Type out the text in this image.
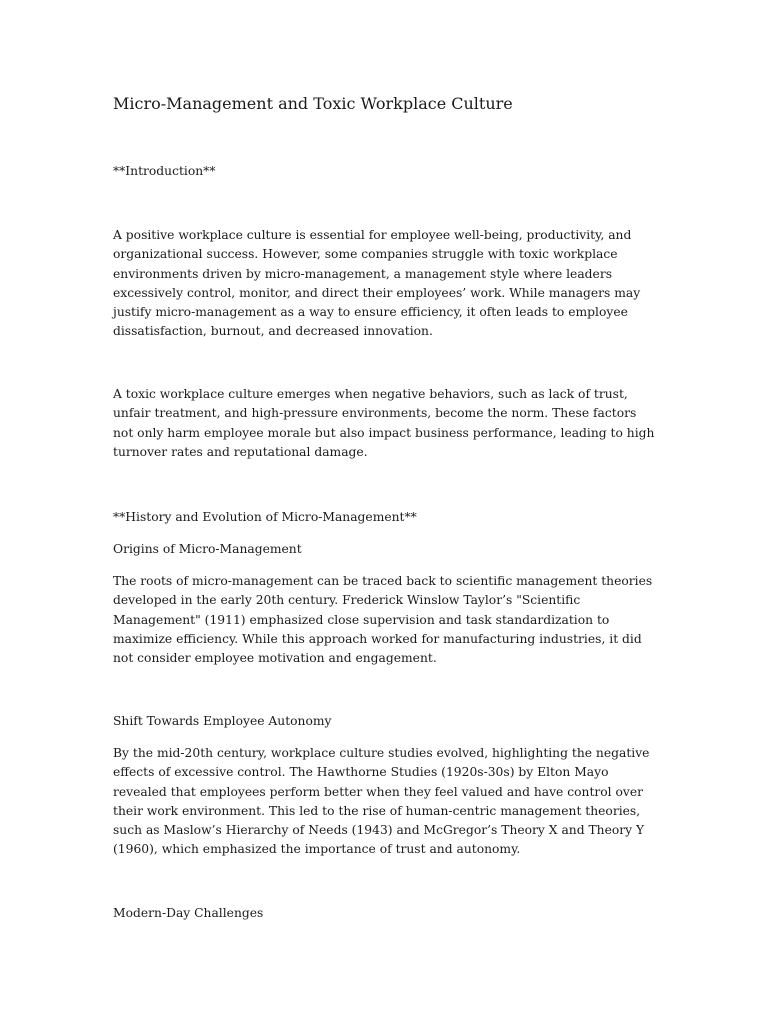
Micro-Management and Toxic Workplace Culture

**Introduction**

A positive workplace culture is essential for employee well-being, productivity, and organizational success. However, some companies struggle with toxic workplace environments driven by micro-management, a management style where leaders excessively control, monitor, and direct their employees’ work. While managers may justify micro-management as a way to ensure efficiency, it often leads to employee dissatisfaction, burnout, and decreased innovation.

A toxic workplace culture emerges when negative behaviors, such as lack of trust, unfair treatment, and high-pressure environments, become the norm. These factors not only harm employee morale but also impact business performance, leading to high turnover rates and reputational damage.

**History and Evolution of Micro-Management**

Origins of Micro-Management

The roots of micro-management can be traced back to scientific management theories developed in the early 20th century. Frederick Winslow Taylor’s "Scientific Management" (1911) emphasized close supervision and task standardization to maximize efficiency. While this approach worked for manufacturing industries, it did not consider employee motivation and engagement.

Shift Towards Employee Autonomy

By the mid-20th century, workplace culture studies evolved, highlighting the negative effects of excessive control. The Hawthorne Studies (1920s-30s) by Elton Mayo revealed that employees perform better when they feel valued and have control over their work environment. This led to the rise of human-centric management theories, such as Maslow’s Hierarchy of Needs (1943) and McGregor’s Theory X and Theory Y (1960), which emphasized the importance of trust and autonomy.

Modern-Day Challenges
